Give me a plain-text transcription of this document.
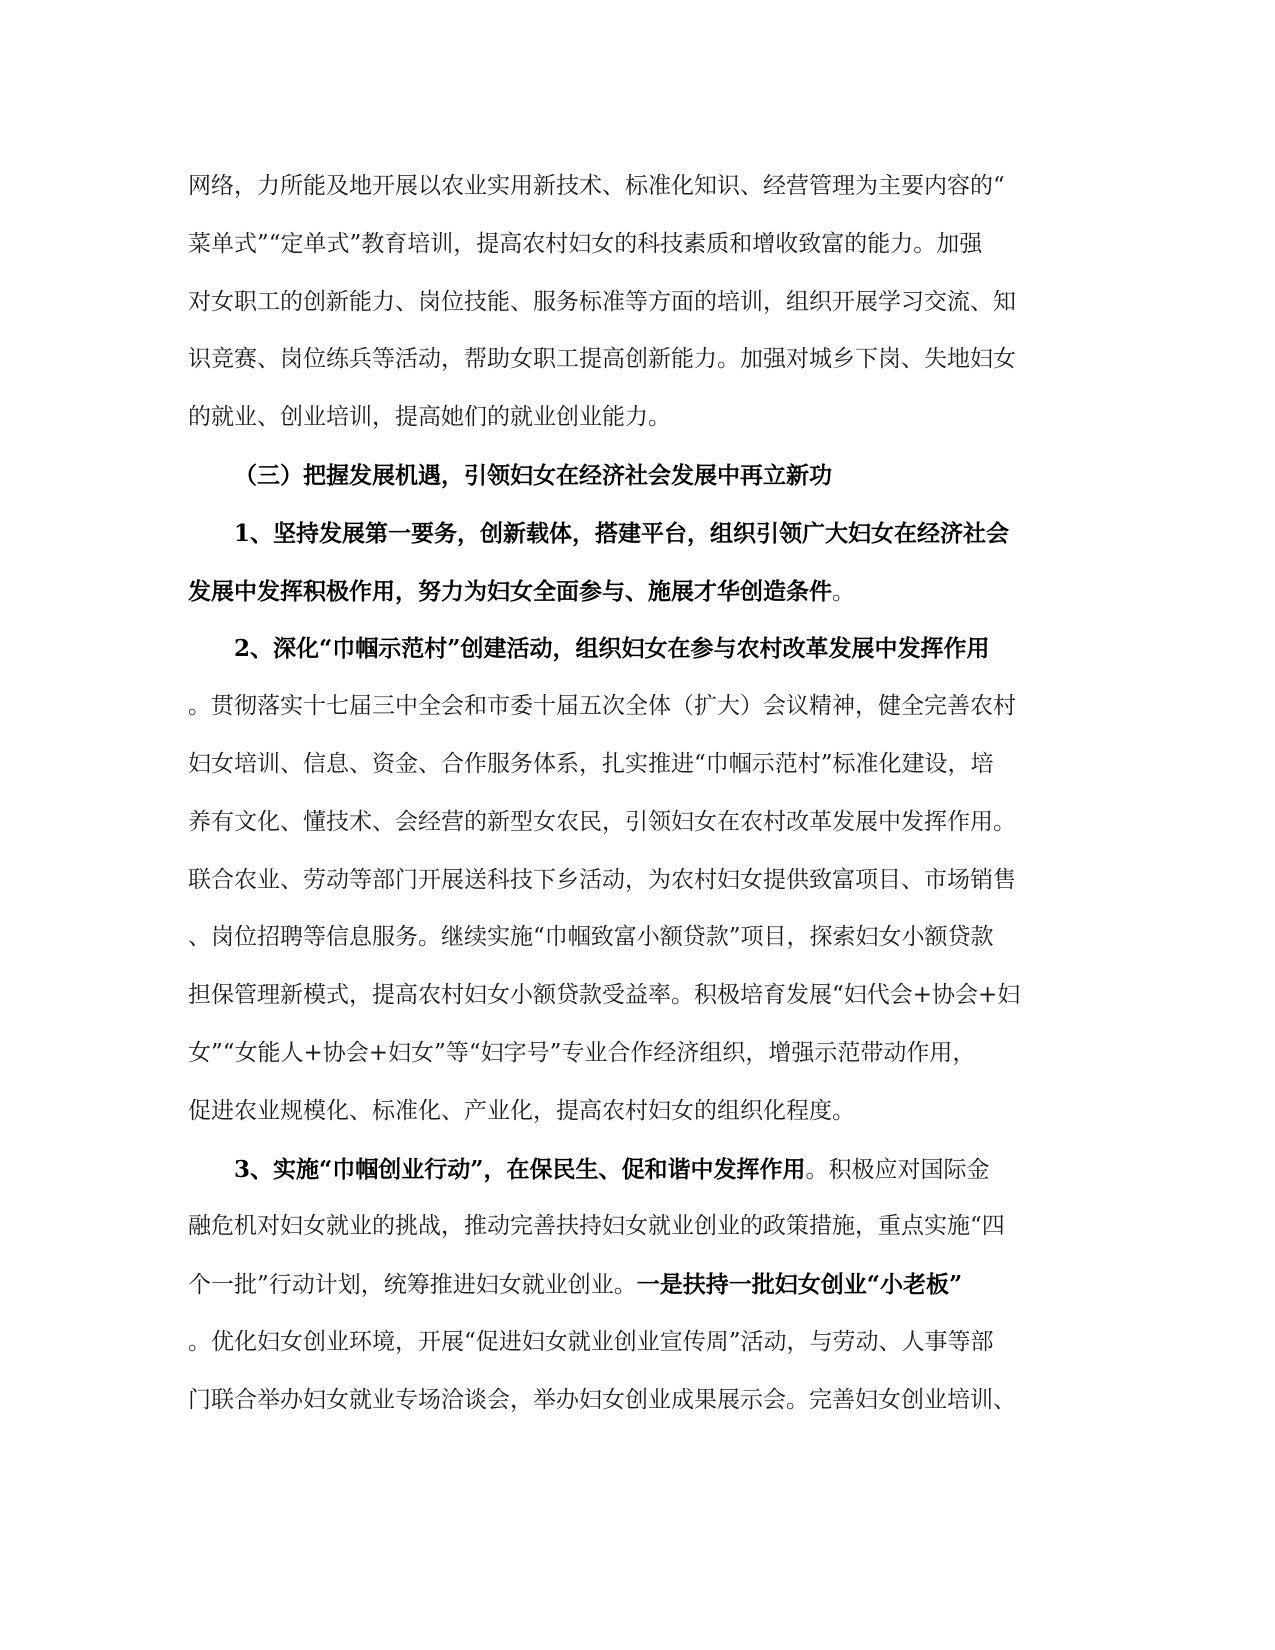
网络，力所能及地开展以农业实用新技术、标准化知识、经营管理为主要内容的“
菜单式”“定单式”教育培训，提高农村妇女的科技素质和增收致富的能力。加强
对女职工的创新能力、岗位技能、服务标准等方面的培训，组织开展学习交流、知
识竞赛、岗位练兵等活动，帮助女职工提高创新能力。加强对城乡下岗、失地妇女
的就业、创业培训，提高她们的就业创业能力。
（三）把握发展机遇，引领妇女在经济社会发展中再立新功
1、坚持发展第一要务，创新载体，搭建平台，组织引领广大妇女在经济社会
发展中发挥积极作用，努力为妇女全面参与、施展才华创造条件。
2、深化“巾帼示范村”创建活动，组织妇女在参与农村改革发展中发挥作用
。贯彻落实十七届三中全会和市委十届五次全体（扩大）会议精神，健全完善农村
妇女培训、信息、资金、合作服务体系，扎实推进“巾帼示范村”标准化建设，培
养有文化、懂技术、会经营的新型女农民，引领妇女在农村改革发展中发挥作用。
联合农业、劳动等部门开展送科技下乡活动，为农村妇女提供致富项目、市场销售
、岗位招聘等信息服务。继续实施“巾帼致富小额贷款”项目，探索妇女小额贷款
担保管理新模式，提高农村妇女小额贷款受益率。积极培育发展“妇代会+协会+妇
女”“女能人+协会+妇女”等“妇字号”专业合作经济组织，增强示范带动作用，
促进农业规模化、标准化、产业化，提高农村妇女的组织化程度。
3、实施“巾帼创业行动”，在保民生、促和谐中发挥作用。积极应对国际金
融危机对妇女就业的挑战，推动完善扶持妇女就业创业的政策措施，重点实施“四
个一批”行动计划，统筹推进妇女就业创业。一是扶持一批妇女创业“小老板”
。优化妇女创业环境，开展“促进妇女就业创业宣传周”活动，与劳动、人事等部
门联合举办妇女就业专场洽谈会，举办妇女创业成果展示会。完善妇女创业培训、
